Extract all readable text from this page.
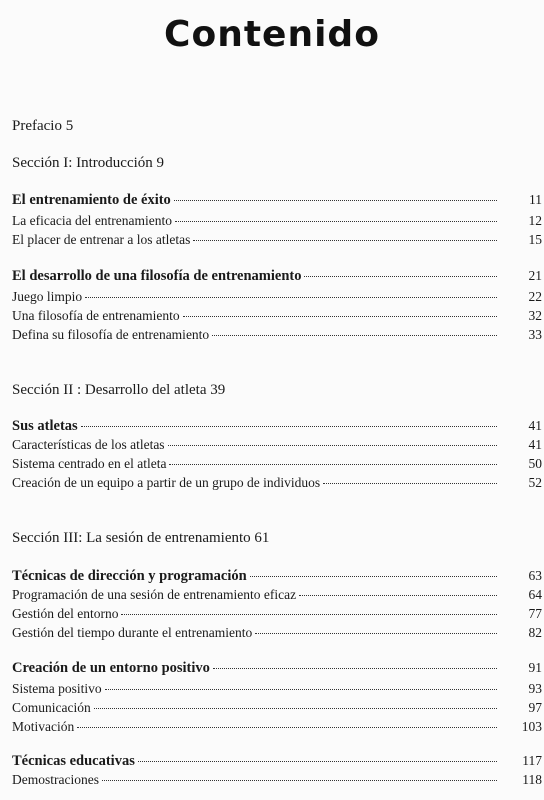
Contenido
Prefacio 5
Sección I: Introducción 9
Sección II : Desarrollo del atleta 39
Sección III: La sesión de entrenamiento 61
El entrenamiento de éxito	11
La eficacia del entrenamiento	12
El placer de entrenar a los atletas	15
El desarrollo de una filosofía de entrenamiento	21
Juego limpio	22
Una filosofía de entrenamiento	32
Defina su filosofía de entrenamiento	33
Sus atletas	41
Características de los atletas	41
Sistema centrado en el atleta	50
Creación de un equipo a partir de un grupo de individuos	52
Técnicas de dirección y programación	63
Programación de una sesión de entrenamiento eficaz	64
Gestión del entorno	77
Gestión del tiempo durante el entrenamiento	82
Creación de un entorno positivo	91
Sistema positivo	93
Comunicación	97
Motivación	103
Técnicas educativas	117
Demostraciones	118
